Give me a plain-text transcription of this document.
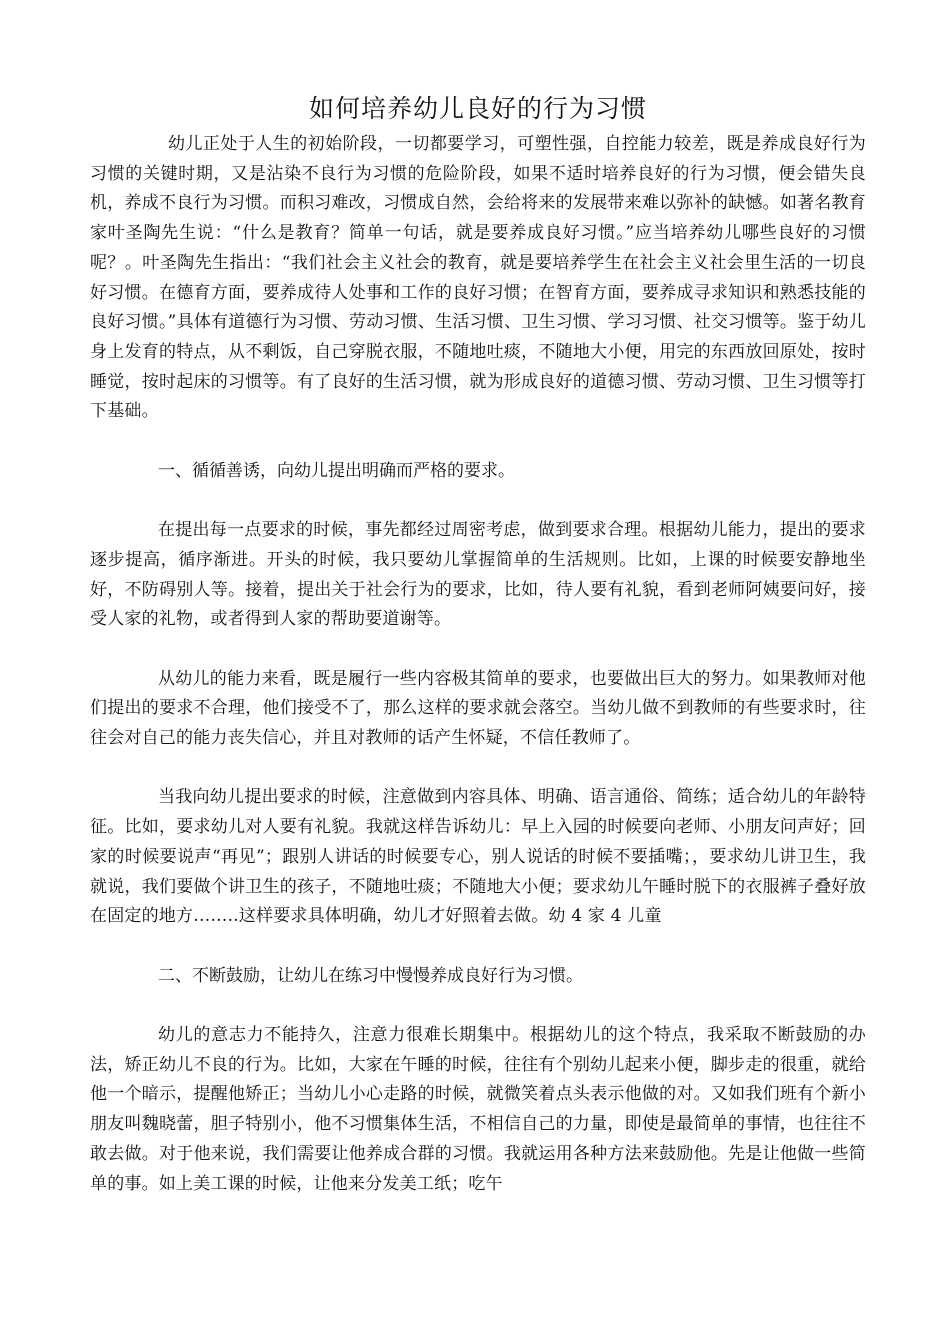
如何培养幼儿良好的行为习惯

幼儿正处于人生的初始阶段，一切都要学习，可塑性强，自控能力较差，既是养成良好行为习惯的关键时期，又是沾染不良行为习惯的危险阶段，如果不适时培养良好的行为习惯，便会错失良机，养成不良行为习惯。而积习难改，习惯成自然，会给将来的发展带来难以弥补的缺憾。如著名教育家叶圣陶先生说：“什么是教育？简单一句话，就是要养成良好习惯。”应当培养幼儿哪些良好的习惯呢？。叶圣陶先生指出：“我们社会主义社会的教育，就是要培养学生在社会主义社会里生活的一切良好习惯。在德育方面，要养成待人处事和工作的良好习惯；在智育方面，要养成寻求知识和熟悉技能的良好习惯。”具体有道德行为习惯、劳动习惯、生活习惯、卫生习惯、学习习惯、社交习惯等。鉴于幼儿身上发育的特点，从不剩饭，自己穿脱衣服，不随地吐痰，不随地大小便，用完的东西放回原处，按时睡觉，按时起床的习惯等。有了良好的生活习惯，就为形成良好的道德习惯、劳动习惯、卫生习惯等打下基础。

一、循循善诱，向幼儿提出明确而严格的要求。

在提出每一点要求的时候，事先都经过周密考虑，做到要求合理。根据幼儿能力，提出的要求逐步提高，循序渐进。开头的时候，我只要幼儿掌握简单的生活规则。比如，上课的时候要安静地坐好，不防碍别人等。接着，提出关于社会行为的要求，比如，待人要有礼貌，看到老师阿姨要问好，接受人家的礼物，或者得到人家的帮助要道谢等。

从幼儿的能力来看，既是履行一些内容极其简单的要求，也要做出巨大的努力。如果教师对他们提出的要求不合理，他们接受不了，那么这样的要求就会落空。当幼儿做不到教师的有些要求时，往往会对自己的能力丧失信心，并且对教师的话产生怀疑，不信任教师了。

当我向幼儿提出要求的时候，注意做到内容具体、明确、语言通俗、简练；适合幼儿的年龄特征。比如，要求幼儿对人要有礼貌。我就这样告诉幼儿：早上入园的时候要向老师、小朋友问声好；回家的时候要说声“再见”；跟别人讲话的时候要专心，别人说话的时候不要插嘴；，要求幼儿讲卫生，我就说，我们要做个讲卫生的孩子，不随地吐痰；不随地大小便；要求幼儿午睡时脱下的衣服裤子叠好放在固定的地方……..这样要求具体明确，幼儿才好照着去做。幼 4 家 4 儿童

二、不断鼓励，让幼儿在练习中慢慢养成良好行为习惯。

幼儿的意志力不能持久，注意力很难长期集中。根据幼儿的这个特点，我采取不断鼓励的办法，矫正幼儿不良的行为。比如，大家在午睡的时候，往往有个别幼儿起来小便，脚步走的很重，就给他一个暗示，提醒他矫正；当幼儿小心走路的时候，就微笑着点头表示他做的对。又如我们班有个新小朋友叫魏晓蕾，胆子特别小，他不习惯集体生活，不相信自己的力量，即使是最简单的事情，也往往不敢去做。对于他来说，我们需要让他养成合群的习惯。我就运用各种方法来鼓励他。先是让他做一些简单的事。如上美工课的时候，让他来分发美工纸；吃午
